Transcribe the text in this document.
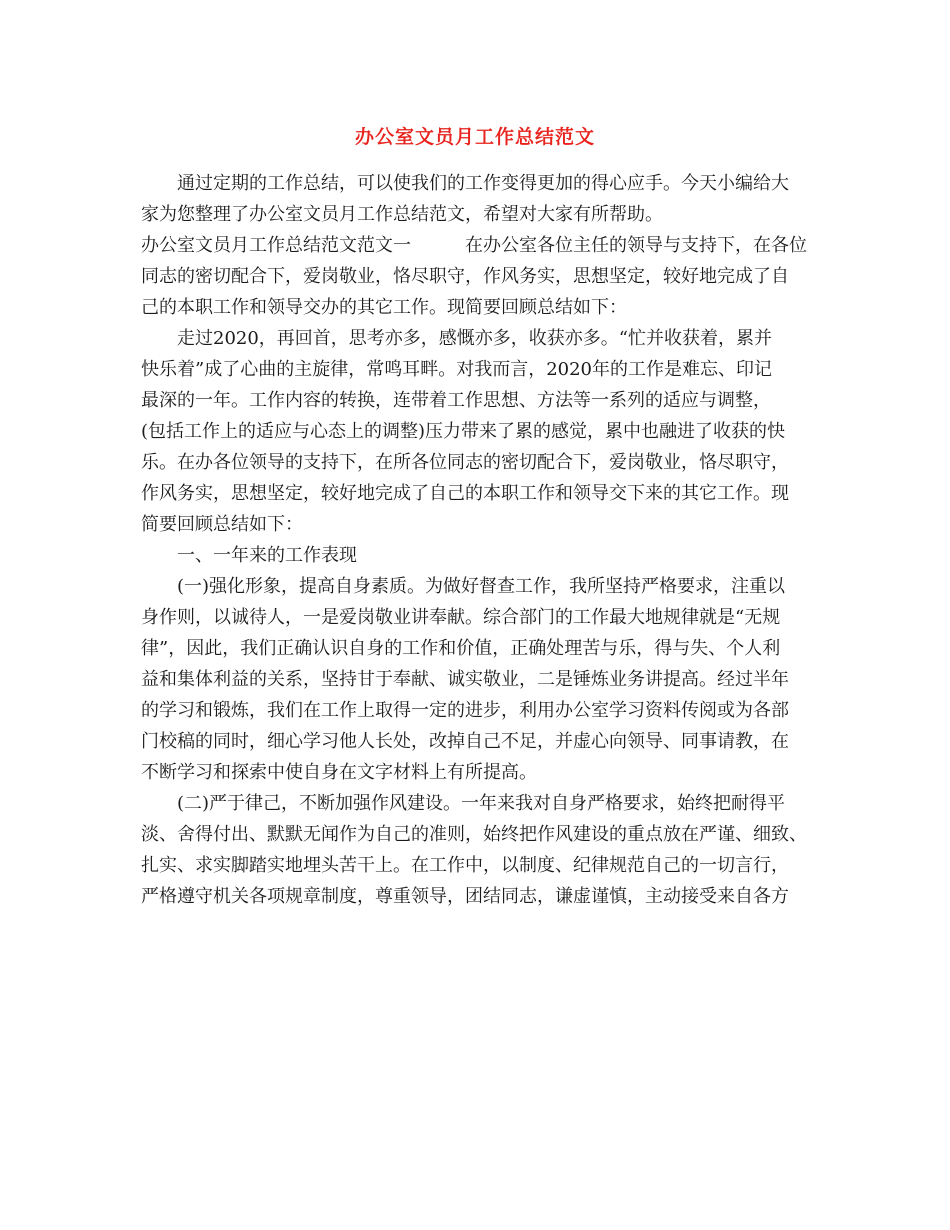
办公室文员月工作总结范文
通过定期的工作总结，可以使我们的工作变得更加的得心应手。今天小编给大
家为您整理了办公室文员月工作总结范文，希望对大家有所帮助。
办公室文员月工作总结范文范文一	在办公室各位主任的领导与支持下，在各位
同志的密切配合下，爱岗敬业，恪尽职守，作风务实，思想坚定，较好地完成了自
己的本职工作和领导交办的其它工作。现简要回顾总结如下：
走过2020，再回首，思考亦多，感慨亦多，收获亦多。“忙并收获着，累并
快乐着”成了心曲的主旋律，常鸣耳畔。对我而言，2020年的工作是难忘、印记
最深的一年。工作内容的转换，连带着工作思想、方法等一系列的适应与调整，
(包括工作上的适应与心态上的调整)压力带来了累的感觉，累中也融进了收获的快
乐。在办各位领导的支持下，在所各位同志的密切配合下，爱岗敬业，恪尽职守，
作风务实，思想坚定，较好地完成了自己的本职工作和领导交下来的其它工作。现
简要回顾总结如下：
一、一年来的工作表现
(一)强化形象，提高自身素质。为做好督查工作，我所坚持严格要求，注重以
身作则，以诚待人，一是爱岗敬业讲奉献。综合部门的工作最大地规律就是“无规
律”，因此，我们正确认识自身的工作和价值，正确处理苦与乐，得与失、个人利
益和集体利益的关系，坚持甘于奉献、诚实敬业，二是锤炼业务讲提高。经过半年
的学习和锻炼，我们在工作上取得一定的进步，利用办公室学习资料传阅或为各部
门校稿的同时，细心学习他人长处，改掉自己不足，并虚心向领导、同事请教，在
不断学习和探索中使自身在文字材料上有所提高。
(二)严于律己，不断加强作风建设。一年来我对自身严格要求，始终把耐得平
淡、舍得付出、默默无闻作为自己的准则，始终把作风建设的重点放在严谨、细致、
扎实、求实脚踏实地埋头苦干上。在工作中，以制度、纪律规范自己的一切言行，
严格遵守机关各项规章制度，尊重领导，团结同志，谦虚谨慎，主动接受来自各方
